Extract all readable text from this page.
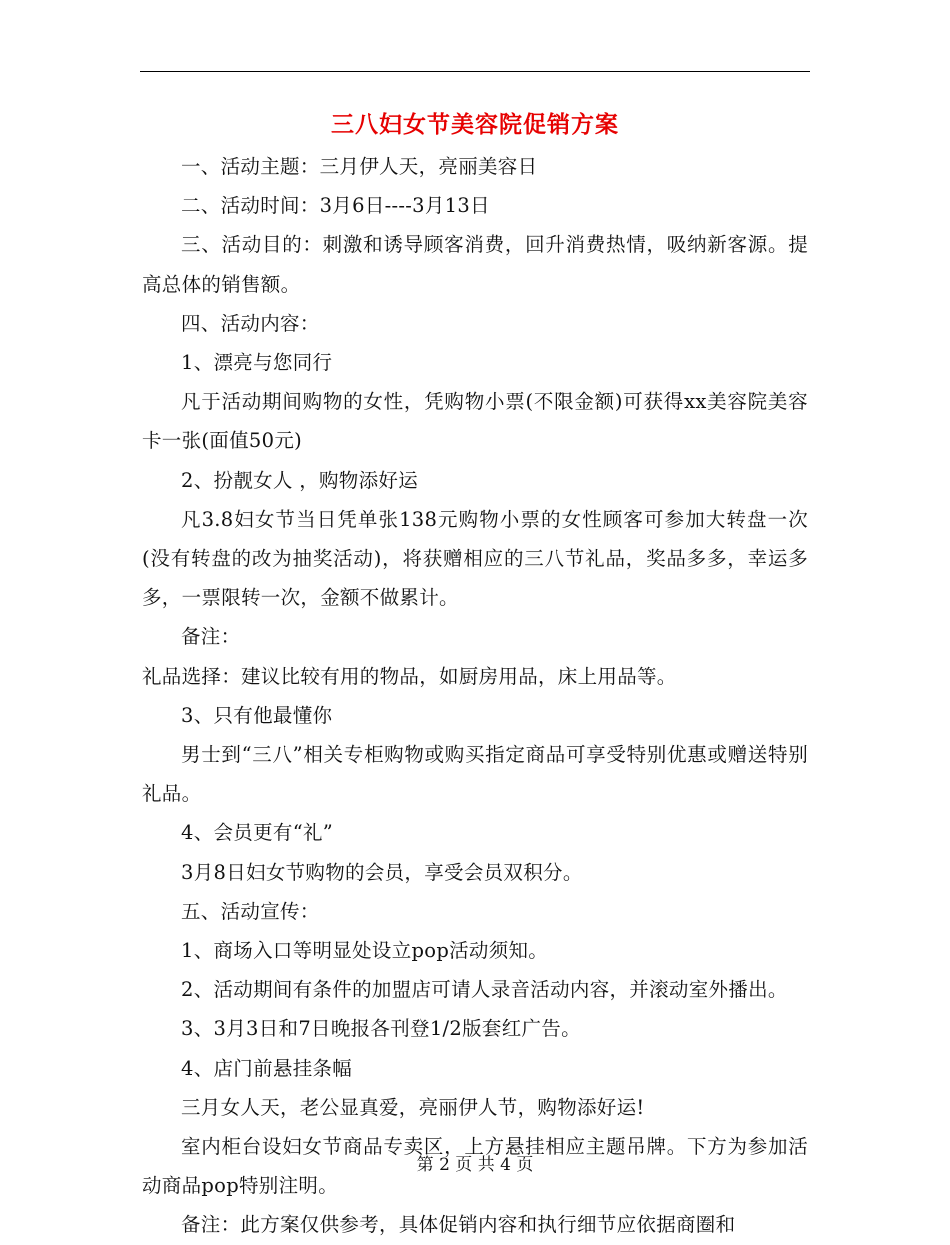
三八妇女节美容院促销方案

一、活动主题：三月伊人天，亮丽美容日

二、活动时间：3月6日----3月13日

三、活动目的：刺激和诱导顾客消费，回升消费热情，吸纳新客源。提高总体的销售额。

四、活动内容：

1、漂亮与您同行

凡于活动期间购物的女性，凭购物小票(不限金额)可获得xx美容院美容卡一张(面值50元)

2、扮靓女人 ，购物添好运

凡3.8妇女节当日凭单张138元购物小票的女性顾客可参加大转盘一次(没有转盘的改为抽奖活动)，将获赠相应的三八节礼品，奖品多多，幸运多多，一票限转一次，金额不做累计。

备注：

礼品选择：建议比较有用的物品，如厨房用品，床上用品等。

3、只有他最懂你

男士到“三八”相关专柜购物或购买指定商品可享受特别优惠或赠送特别礼品。

4、会员更有“礼”

3月8日妇女节购物的会员，享受会员双积分。

五、活动宣传：

1、商场入口等明显处设立pop活动须知。

2、活动期间有条件的加盟店可请人录音活动内容，并滚动室外播出。

3、3月3日和7日晚报各刊登1/2版套红广告。

4、店门前悬挂条幅

三月女人天，老公显真爱，亮丽伊人节，购物添好运!

室内柜台设妇女节商品专卖区，上方悬挂相应主题吊牌。下方为参加活动商品pop特别注明。

备注：此方案仅供参考，具体促销内容和执行细节应依据商圈和

第 2 页 共 4 页
